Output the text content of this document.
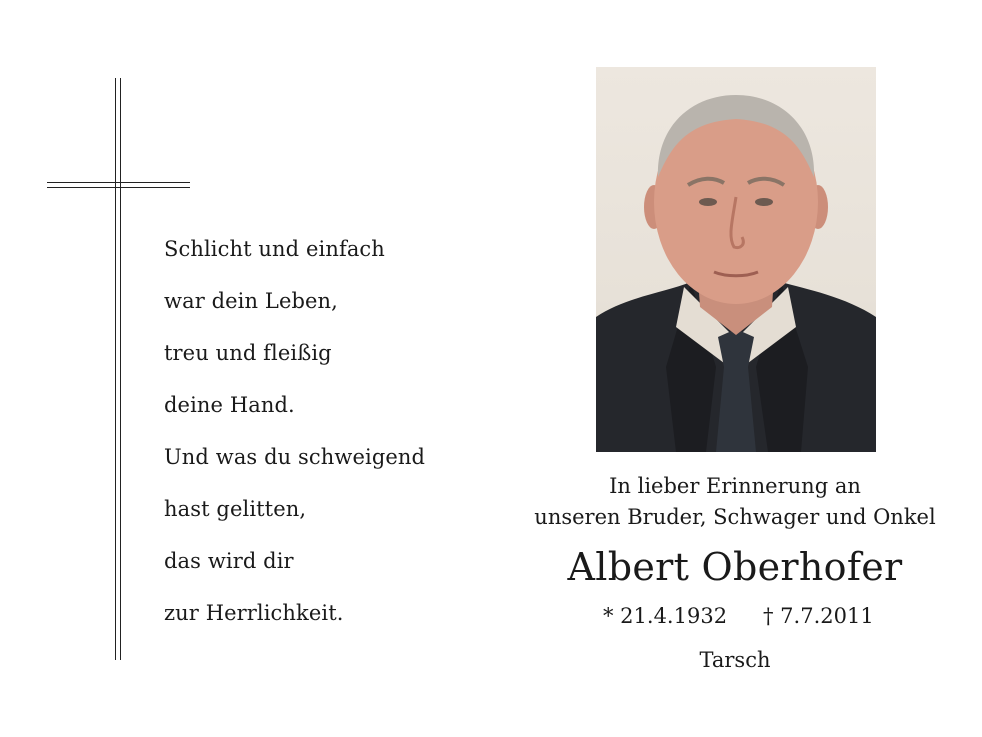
Schlicht und einfach
war dein Leben,
treu und fleißig
deine Hand.
Und was du schweigend
hast gelitten,
das wird dir
zur Herrlichkeit.
In lieber Erinnerung an
unseren Bruder, Schwager und Onkel
Albert Oberhofer
* 21.4.1932 † 7.7.2011
Tarsch
